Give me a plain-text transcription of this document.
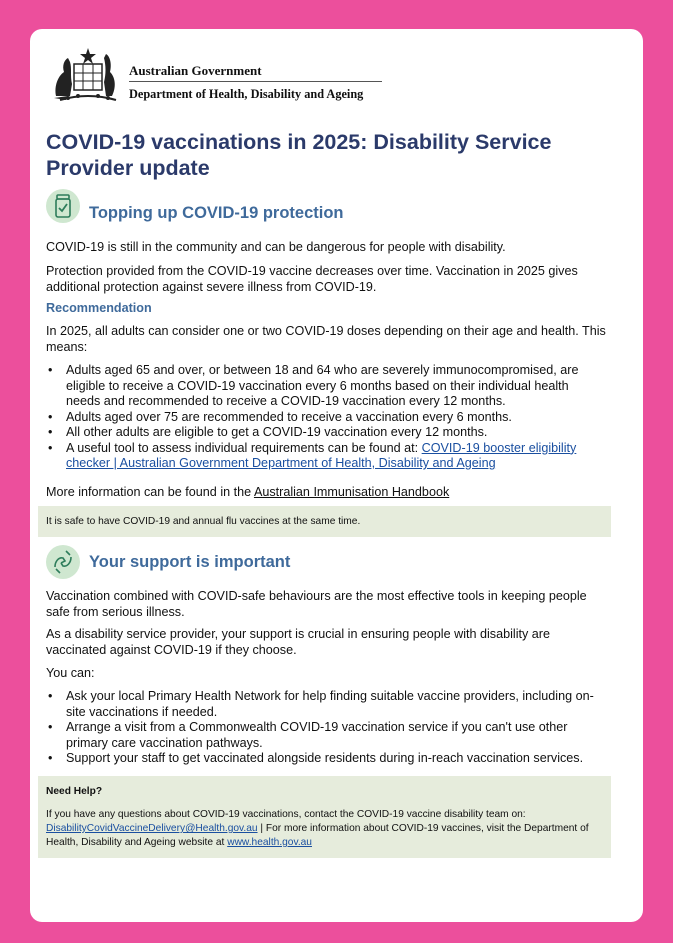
Australian Government
Department of Health, Disability and Ageing
COVID-19 vaccinations in 2025: Disability Service Provider update
Topping up COVID-19 protection

COVID-19 is still in the community and can be dangerous for people with disability.

Protection provided from the COVID-19 vaccine decreases over time. Vaccination in 2025 gives additional protection against severe illness from COVID-19.

Recommendation

In 2025, all adults can consider one or two COVID-19 doses depending on their age and health. This means:

• Adults aged 65 and over, or between 18 and 64 who are severely immunocompromised, are eligible to receive a COVID-19 vaccination every 6 months based on their individual health needs and recommended to receive a COVID-19 vaccination every 12 months.
• Adults aged over 75 are recommended to receive a vaccination every 6 months.
• All other adults are eligible to get a COVID-19 vaccination every 12 months.
• A useful tool to assess individual requirements can be found at: COVID-19 booster eligibility checker | Australian Government Department of Health, Disability and Ageing

More information can be found in the Australian Immunisation Handbook

It is safe to have COVID-19 and annual flu vaccines at the same time.

Your support is important

Vaccination combined with COVID-safe behaviours are the most effective tools in keeping people safe from serious illness.

As a disability service provider, your support is crucial in ensuring people with disability are vaccinated against COVID-19 if they choose.

You can:

• Ask your local Primary Health Network for help finding suitable vaccine providers, including on-site vaccinations if needed.
• Arrange a visit from a Commonwealth COVID-19 vaccination service if you can't use other primary care vaccination pathways.
• Support your staff to get vaccinated alongside residents during in-reach vaccination services.

Need Help?

If you have any questions about COVID-19 vaccinations, contact the COVID-19 vaccine disability team on: DisabilityCovidVaccineDelivery@Health.gov.au | For more information about COVID-19 vaccines, visit the Department of Health, Disability and Ageing website at www.health.gov.au
